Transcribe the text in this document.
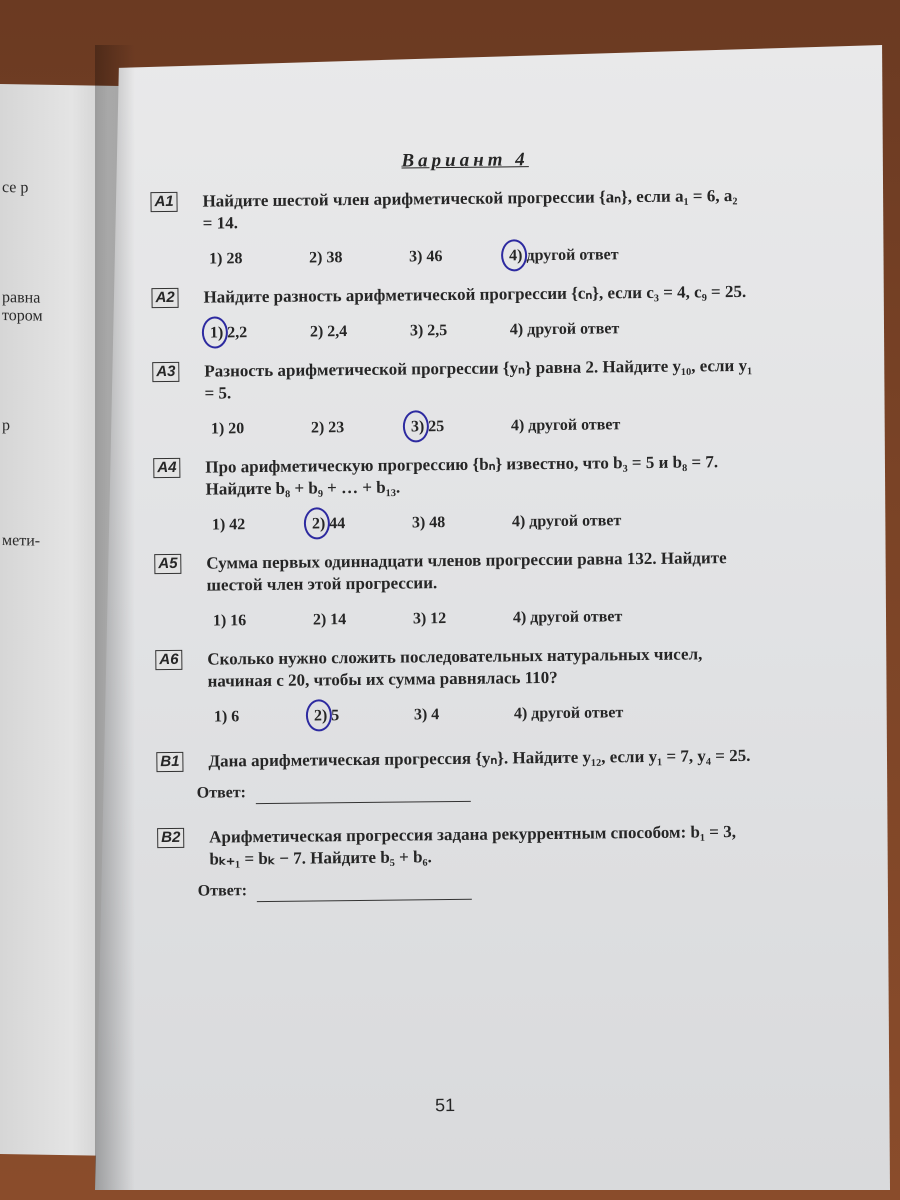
се p
равна
тором
p
мети-
Вариант 4
A1 Найдите шестой член арифметической прогрессии {aₙ}, если a₁ = 6, a₂ = 14.
1) 28	2) 38	3) 46	4) другой ответ
A2 Найдите разность арифметической прогрессии {cₙ}, если c₃ = 4, c₉ = 25.
1) 2,2	2) 2,4	3) 2,5	4) другой ответ
A3 Разность арифметической прогрессии {yₙ} равна 2. Найдите y₁₀, если y₁ = 5.
1) 20	2) 23	3) 25	4) другой ответ
A4 Про арифметическую прогрессию {bₙ} известно, что b₃ = 5 и b₈ = 7. Найдите b₈ + b₉ + … + b₁₃.
1) 42	2) 44	3) 48	4) другой ответ
A5 Сумма первых одиннадцати членов прогрессии равна 132. Найдите шестой член этой прогрессии.
1) 16	2) 14	3) 12	4) другой ответ
A6 Сколько нужно сложить последовательных натуральных чисел, начиная с 20, чтобы их сумма равнялась 110?
1) 6	2) 5	3) 4	4) другой ответ
B1 Дана арифметическая прогрессия {yₙ}. Найдите y₁₂, если y₁ = 7, y₄ = 25.
Ответ:
B2 Арифметическая прогрессия задана рекуррентным способом: b₁ = 3, bₖ₊₁ = bₖ − 7. Найдите b₅ + b₆.
Ответ:
51
